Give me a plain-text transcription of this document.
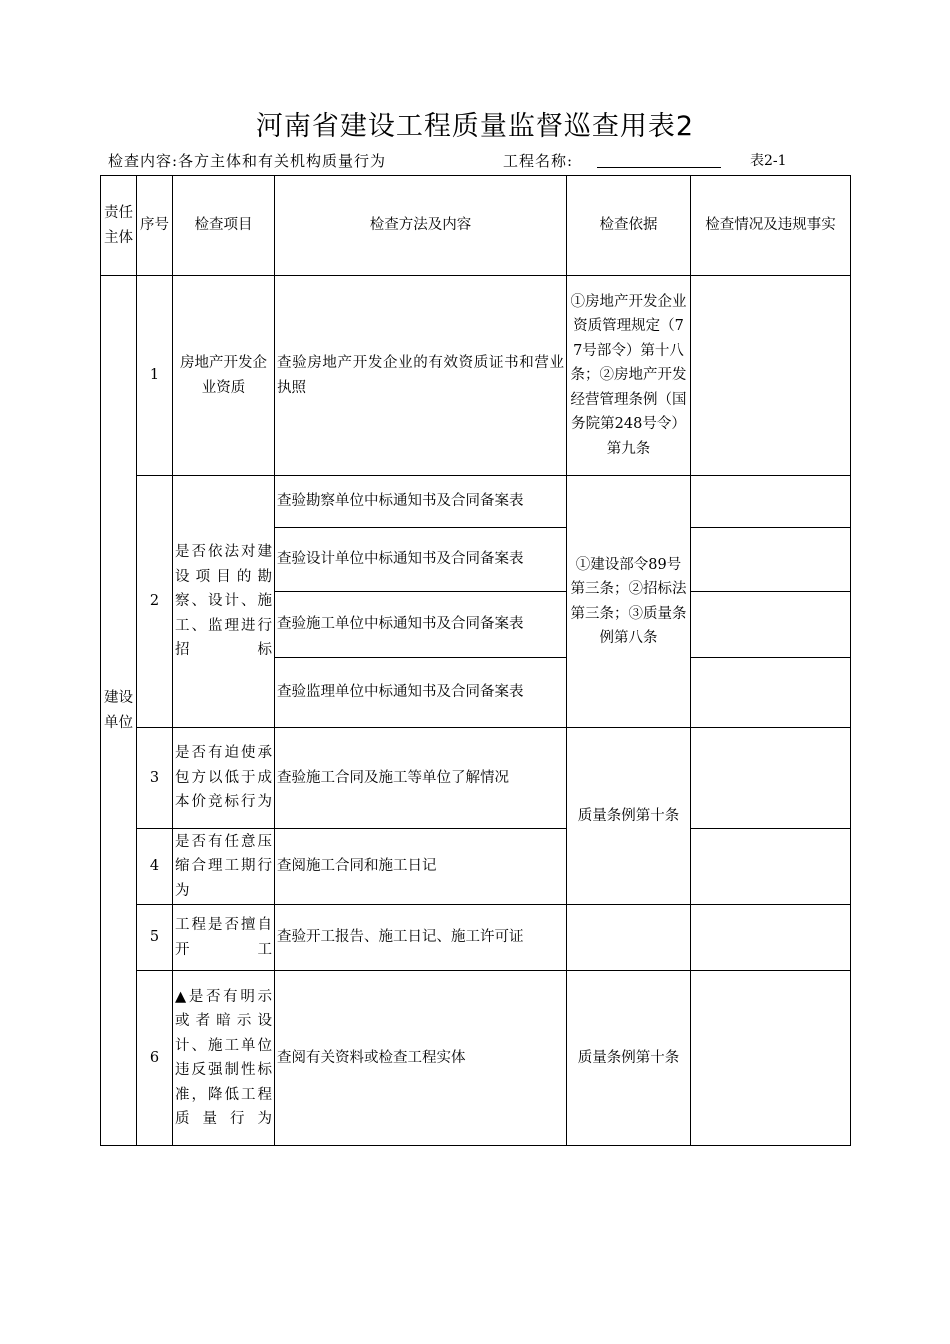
河南省建设工程质量监督巡查用表2
检查内容:各方主体和有关机构质量行为	工程名称:	表2-1
责任主体	序号	检查项目	检查方法及内容	检查依据	检查情况及违规事实
建设单位	1	房地产开发企业资质	查验房地产开发企业的有效资质证书和营业执照	①房地产开发企业资质管理规定（77号部令）第十八条；②房地产开发经营管理条例（国务院第248号令）第九条	
	2	是否依法对建设项目的勘察、设计、施工、监理进行招标	查验勘察单位中标通知书及合同备案表	①建设部令89号第三条；②招标法第三条；③质量条例第八条	
			查验设计单位中标通知书及合同备案表		
			查验施工单位中标通知书及合同备案表		
			查验监理单位中标通知书及合同备案表		
	3	是否有迫使承包方以低于成本价竞标行为	查验施工合同及施工等单位了解情况	质量条例第十条	
	4	是否有任意压缩合理工期行为	查阅施工合同和施工日记		
	5	工程是否擅自开工	查验开工报告、施工日记、施工许可证		
	6	▲是否有明示或者暗示设计、施工单位违反强制性标准，降低工程质量行为	查阅有关资料或检查工程实体	质量条例第十条	
